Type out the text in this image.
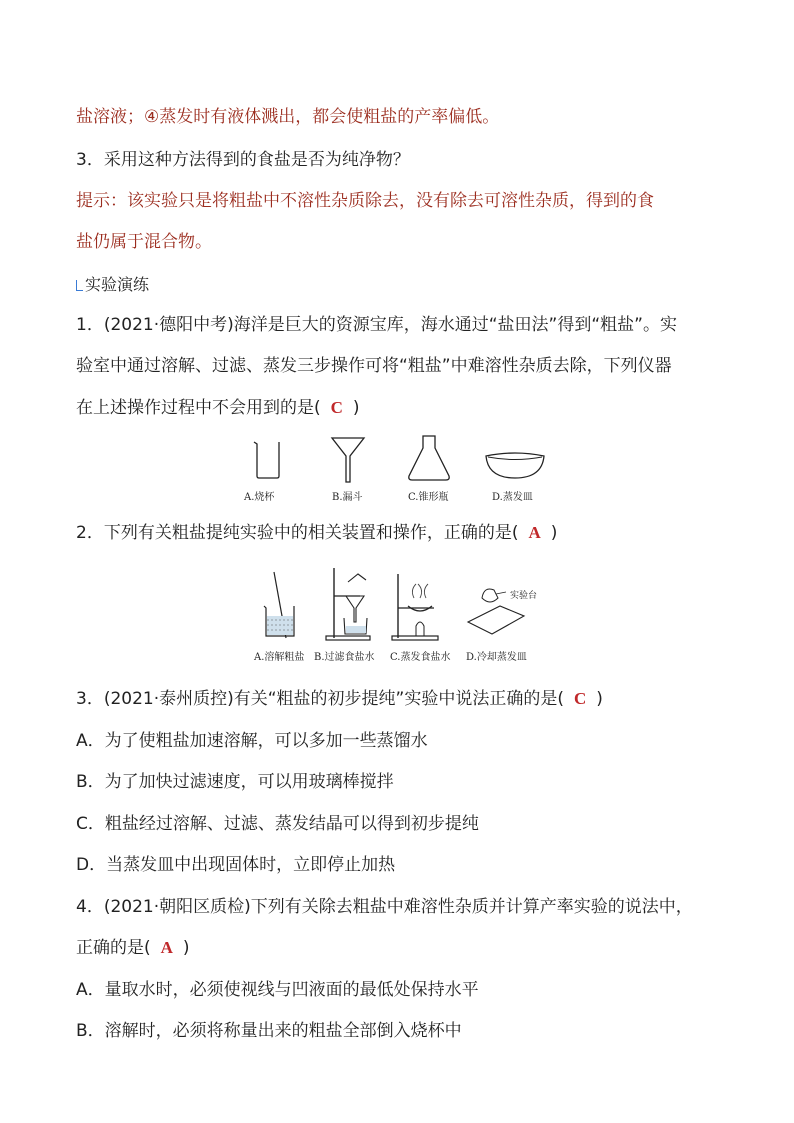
盐溶液；④蒸发时有液体溅出，都会使粗盐的产率偏低。
3．采用这种方法得到的食盐是否为纯净物？
提示：该实验只是将粗盐中不溶性杂质除去，没有除去可溶性杂质，得到的食
盐仍属于混合物。
实验演练
1．(2021·德阳中考)海洋是巨大的资源宝库，海水通过“盐田法”得到“粗盐”。实
验室中通过溶解、过滤、蒸发三步操作可将“粗盐”中难溶性杂质去除，下列仪器
在上述操作过程中不会用到的是( C )
A.烧杯	B.漏斗	C.锥形瓶	D.蒸发皿
2．下列有关粗盐提纯实验中的相关装置和操作，正确的是( A )
实验台
A.溶解粗盐 B.过滤食盐水 C.蒸发食盐水 D.冷却蒸发皿
3．(2021·泰州质控)有关“粗盐的初步提纯”实验中说法正确的是( C )
A．为了使粗盐加速溶解，可以多加一些蒸馏水
B．为了加快过滤速度，可以用玻璃棒搅拌
C．粗盐经过溶解、过滤、蒸发结晶可以得到初步提纯
D．当蒸发皿中出现固体时，立即停止加热
4．(2021·朝阳区质检)下列有关除去粗盐中难溶性杂质并计算产率实验的说法中，
正确的是( A )
A．量取水时，必须使视线与凹液面的最低处保持水平
B．溶解时，必须将称量出来的粗盐全部倒入烧杯中
